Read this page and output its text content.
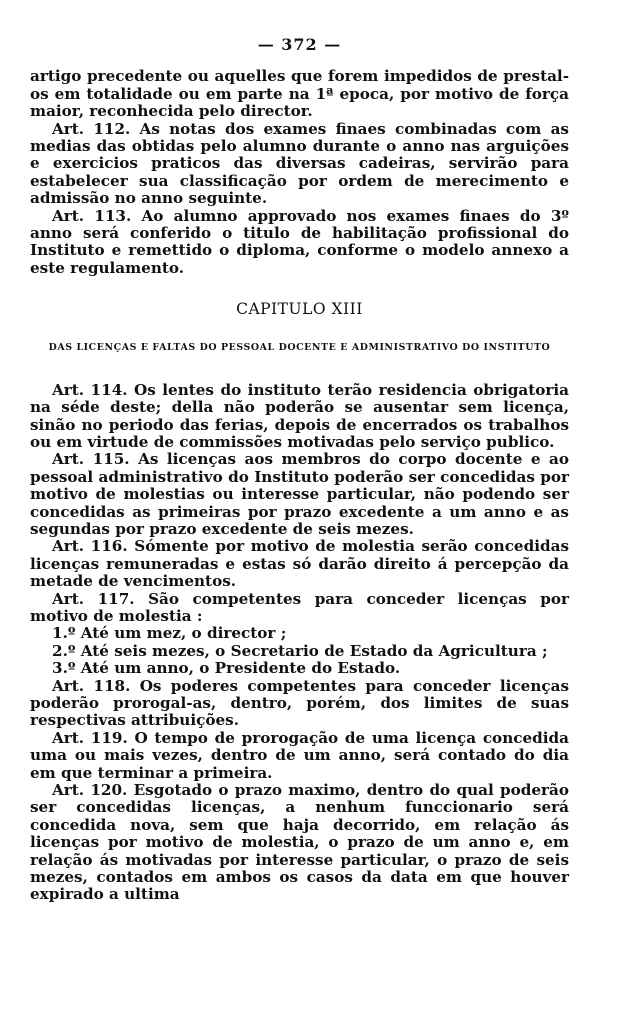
— 372 —

artigo precedente ou aquelles que forem impedidos de prestal-os em totalidade ou em parte na 1ª epoca, por motivo de força maior, reconhecida pelo director.

Art. 112. As notas dos exames finaes combinadas com as medias das obtidas pelo alumno durante o anno nas arguições e exercicios praticos das diversas cadeiras, servirão para estabelecer sua classificação por ordem de merecimento e admissão no anno seguinte.

Art. 113. Ao alumno approvado nos exames finaes do 3º anno será conferido o titulo de habilitação profissional do Instituto e remettido o diploma, conforme o modelo annexo a este regulamento.

CAPITULO XIII
DAS LICENÇAS E FALTAS DO PESSOAL DOCENTE E ADMINISTRATIVO DO INSTITUTO

Art. 114. Os lentes do instituto terão residencia obrigatoria na séde deste; della não poderão se ausentar sem licença, sinão no periodo das ferias, depois de encerrados os trabalhos ou em virtude de commissões motivadas pelo serviço publico.

Art. 115. As licenças aos membros do corpo docente e ao pessoal administrativo do Instituto poderão ser concedidas por motivo de molestias ou interesse particular, não podendo ser concedidas as primeiras por prazo excedente a um anno e as segundas por prazo excedente de seis mezes.

Art. 116. Sómente por motivo de molestia serão concedidas licenças remuneradas e estas só darão direito á percepção da metade de vencimentos.

Art. 117. São competentes para conceder licenças por motivo de molestia :

1.º Até um mez, o director ;

2.º Até seis mezes, o Secretario de Estado da Agricultura ;

3.º Até um anno, o Presidente do Estado.

Art. 118. Os poderes competentes para conceder licenças poderão prorogal-as, dentro, porém, dos limites de suas respectivas attribuições.

Art. 119. O tempo de prorogação de uma licença concedida uma ou mais vezes, dentro de um anno, será contado do dia em que terminar a primeira.

Art. 120. Esgotado o prazo maximo, dentro do qual poderão ser concedidas licenças, a nenhum funccionario será concedida nova, sem que haja decorrido, em relação ás licenças por motivo de molestia, o prazo de um anno e, em relação ás motivadas por interesse particular, o prazo de seis mezes, contados em ambos os casos da data em que houver expirado a ultima
